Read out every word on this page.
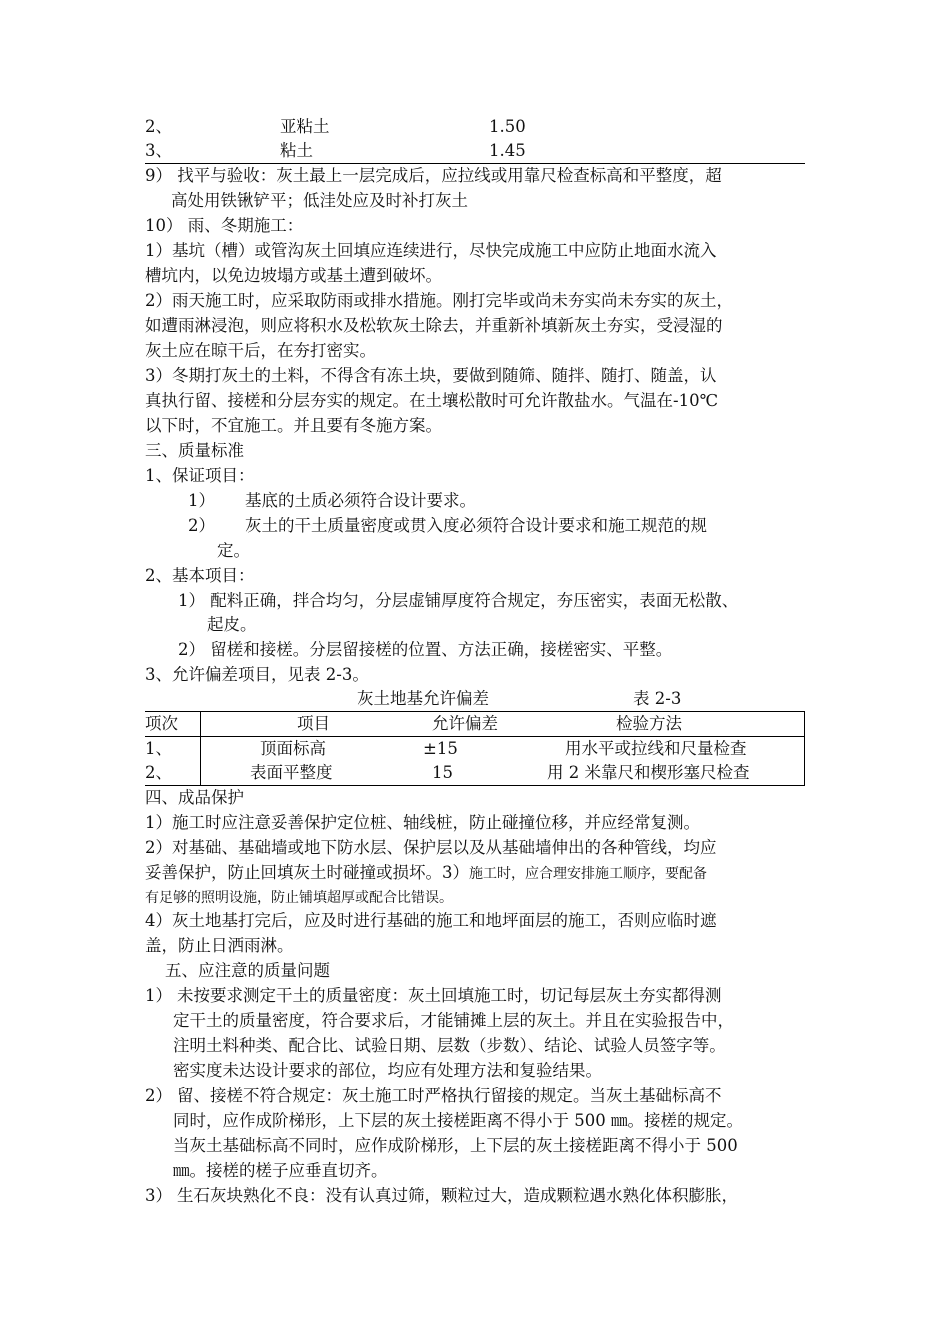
2、	亚粘土	1.50
3、	粘土	1.45
9） 找平与验收：灰土最上一层完成后，应拉线或用靠尺检查标高和平整度，超
高处用铁锹铲平；低洼处应及时补打灰土
10） 雨、冬期施工：
1）基坑（槽）或管沟灰土回填应连续进行，尽快完成施工中应防止地面水流入
槽坑内，以免边坡塌方或基土遭到破坏。
2）雨天施工时，应采取防雨或排水措施。刚打完毕或尚未夯实尚未夯实的灰土，
如遭雨淋浸泡，则应将积水及松软灰土除去，并重新补填新灰土夯实，受浸湿的
灰土应在晾干后，在夯打密实。
3）冬期打灰土的土料，不得含有冻土块，要做到随筛、随拌、随打、随盖，认
真执行留、接槎和分层夯实的规定。在土壤松散时可允许散盐水。气温在-10℃
以下时，不宜施工。并且要有冬施方案。
三、质量标准
1、保证项目：
1） 基底的土质必须符合设计要求。
2） 灰土的干土质量密度或贯入度必须符合设计要求和施工规范的规
定。
2、基本项目：
1） 配料正确，拌合均匀，分层虚铺厚度符合规定，夯压密实，表面无松散、
起皮。
2） 留槎和接槎。分层留接槎的位置、方法正确，接槎密实、平整。
3、允许偏差项目，见表 2-3。
灰土地基允许偏差	表 2-3
项次	项目	允许偏差	检验方法
1、	顶面标高	±15	用水平或拉线和尺量检查
2、	表面平整度	15	用 2 米靠尺和楔形塞尺检查
四、成品保护
1）施工时应注意妥善保护定位桩、轴线桩，防止碰撞位移，并应经常复测。
2）对基础、基础墙或地下防水层、保护层以及从基础墙伸出的各种管线，均应
妥善保护，防止回填灰土时碰撞或损坏。3）施工时，应合理安排施工顺序，要配备
有足够的照明设施，防止铺填超厚或配合比错误。
4）灰土地基打完后，应及时进行基础的施工和地坪面层的施工，否则应临时遮
盖，防止日洒雨淋。
五、应注意的质量问题
1） 未按要求测定干土的质量密度：灰土回填施工时，切记每层灰土夯实都得测
定干土的质量密度，符合要求后，才能铺摊上层的灰土。并且在实验报告中，
注明土料种类、配合比、试验日期、层数（步数）、结论、试验人员签字等。
密实度未达设计要求的部位，均应有处理方法和复验结果。
2） 留、接槎不符合规定：灰土施工时严格执行留接的规定。当灰土基础标高不
同时，应作成阶梯形，上下层的灰土接槎距离不得小于 500 ㎜。接槎的规定。
当灰土基础标高不同时，应作成阶梯形，上下层的灰土接槎距离不得小于 500
㎜。接槎的槎子应垂直切齐。
3） 生石灰块熟化不良：没有认真过筛，颗粒过大，造成颗粒遇水熟化体积膨胀，
